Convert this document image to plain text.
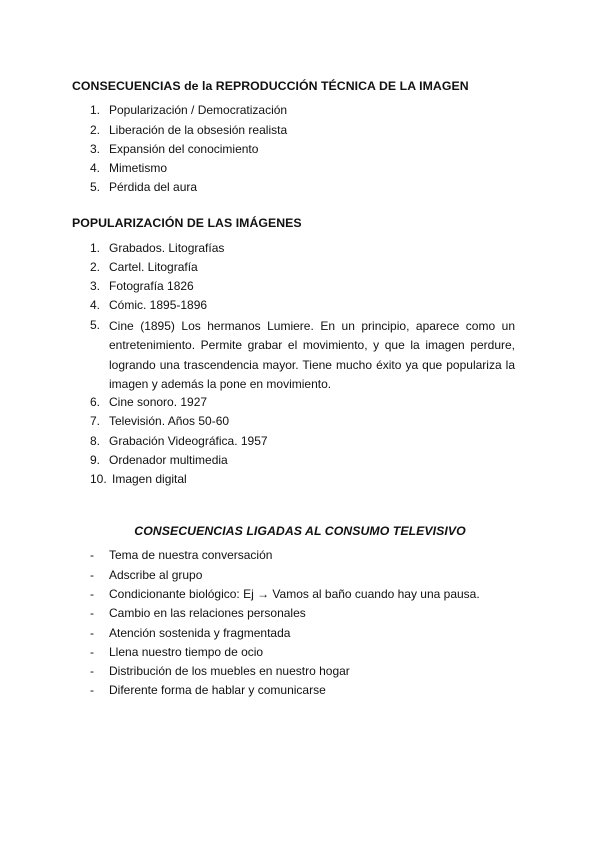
CONSECUENCIAS de la REPRODUCCIÓN TÉCNICA DE LA IMAGEN
1. Popularización / Democratización
2. Liberación de la obsesión realista
3. Expansión del conocimiento
4. Mimetismo
5. Pérdida del aura
POPULARIZACIÓN DE LAS IMÁGENES
1. Grabados. Litografías
2. Cartel. Litografía
3. Fotografía 1826
4. Cómic. 1895-1896
5. Cine (1895) Los hermanos Lumiere. En un principio, aparece como un
entretenimiento. Permite grabar el movimiento, y que la imagen perdure,
logrando una trascendencia mayor. Tiene mucho éxito ya que populariza la
imagen y además la pone en movimiento.
6. Cine sonoro. 1927
7. Televisión. Años 50-60
8. Grabación Videográfica. 1957
9. Ordenador multimedia
10. Imagen digital
CONSECUENCIAS LIGADAS AL CONSUMO TELEVISIVO
- Tema de nuestra conversación
- Adscribe al grupo
- Condicionante biológico: Ej → Vamos al baño cuando hay una pausa.
- Cambio en las relaciones personales
- Atención sostenida y fragmentada
- Llena nuestro tiempo de ocio
- Distribución de los muebles en nuestro hogar
- Diferente forma de hablar y comunicarse
